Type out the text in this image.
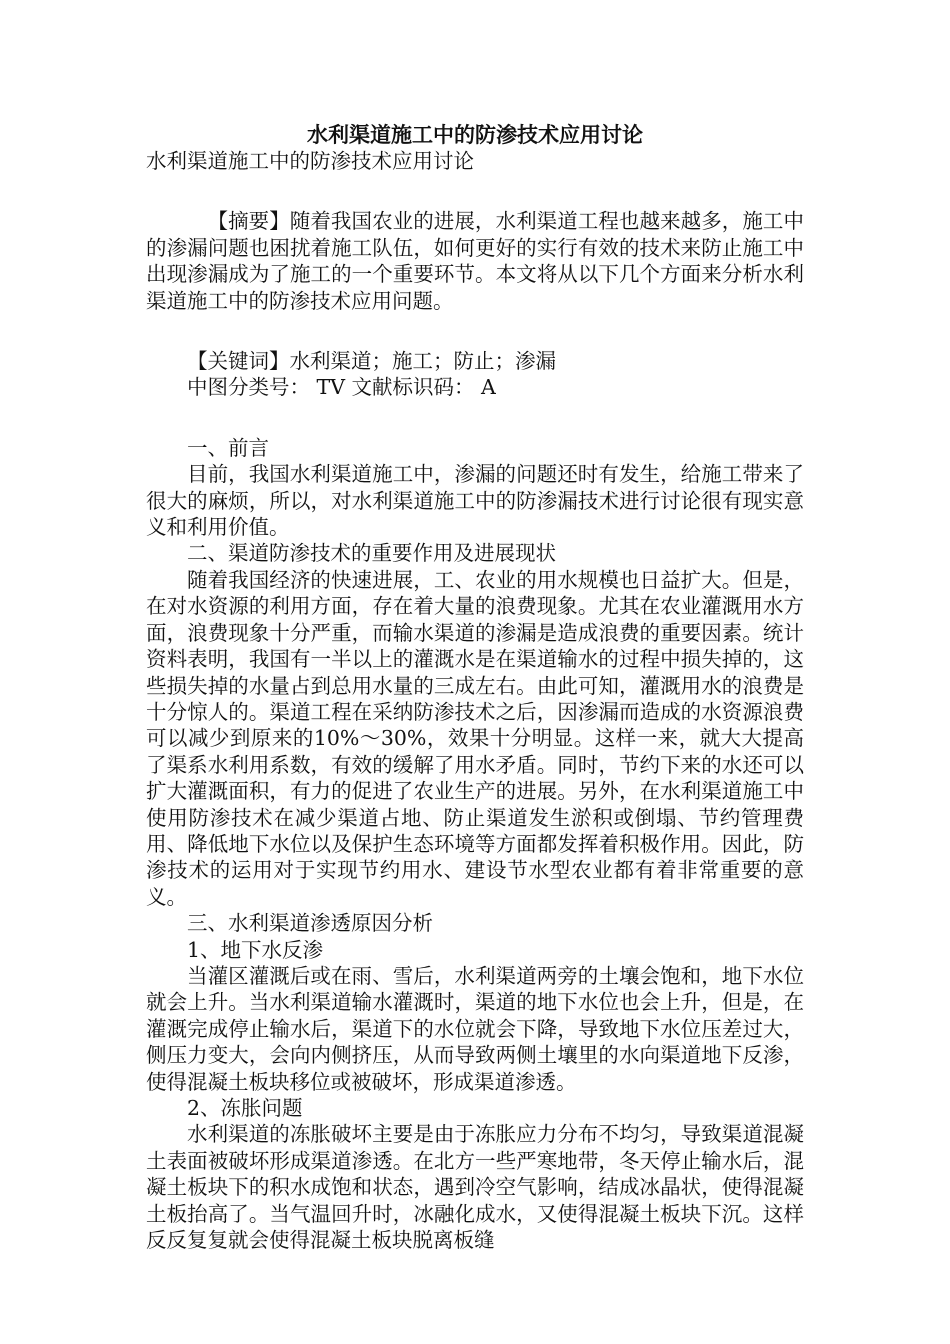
水利渠道施工中的防渗技术应用讨论

水利渠道施工中的防渗技术应用讨论

【摘要】随着我国农业的进展，水利渠道工程也越来越多，施工中的渗漏问题也困扰着施工队伍，如何更好的实行有效的技术来防止施工中出现渗漏成为了施工的一个重要环节。本文将从以下几个方面来分析水利渠道施工中的防渗技术应用问题。

【关键词】水利渠道；施工；防止；渗漏

中图分类号： TV 文献标识码： A

一、前言

目前，我国水利渠道施工中，渗漏的问题还时有发生，给施工带来了很大的麻烦，所以，对水利渠道施工中的防渗漏技术进行讨论很有现实意义和利用价值。

二、渠道防渗技术的重要作用及进展现状

随着我国经济的快速进展，工、农业的用水规模也日益扩大。但是，在对水资源的利用方面，存在着大量的浪费现象。尤其在农业灌溉用水方面，浪费现象十分严重，而输水渠道的渗漏是造成浪费的重要因素。统计资料表明，我国有一半以上的灌溉水是在渠道输水的过程中损失掉的，这些损失掉的水量占到总用水量的三成左右。由此可知，灌溉用水的浪费是十分惊人的。渠道工程在采纳防渗技术之后，因渗漏而造成的水资源浪费可以减少到原来的10%～30%，效果十分明显。这样一来，就大大提高了渠系水利用系数，有效的缓解了用水矛盾。同时，节约下来的水还可以扩大灌溉面积，有力的促进了农业生产的进展。另外，在水利渠道施工中使用防渗技术在减少渠道占地、防止渠道发生淤积或倒塌、节约管理费用、降低地下水位以及保护生态环境等方面都发挥着积极作用。因此，防渗技术的运用对于实现节约用水、建设节水型农业都有着非常重要的意义。

三、水利渠道渗透原因分析

1、地下水反渗

当灌区灌溉后或在雨、雪后，水利渠道两旁的土壤会饱和，地下水位就会上升。当水利渠道输水灌溉时，渠道的地下水位也会上升，但是，在灌溉完成停止输水后，渠道下的水位就会下降，导致地下水位压差过大，侧压力变大，会向内侧挤压，从而导致两侧土壤里的水向渠道地下反渗，使得混凝土板块移位或被破坏，形成渠道渗透。

2、冻胀问题

水利渠道的冻胀破坏主要是由于冻胀应力分布不均匀，导致渠道混凝土表面被破坏形成渠道渗透。在北方一些严寒地带，冬天停止输水后，混凝土板块下的积水成饱和状态，遇到冷空气影响，结成冰晶状，使得混凝土板抬高了。当气温回升时，冰融化成水，又使得混凝土板块下沉。这样反反复复就会使得混凝土板块脱离板缝
